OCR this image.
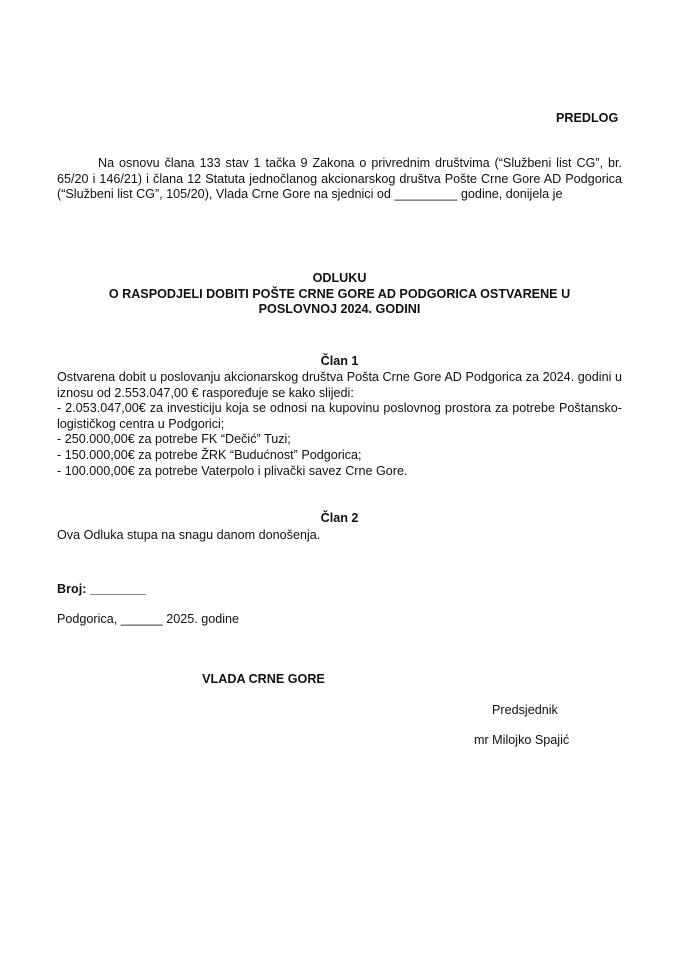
PREDLOG

Na osnovu člana 133 stav 1 tačka 9 Zakona o privrednim društvima (“Službeni list CG”, br. 65/20 i 146/21) i člana 12 Statuta jednočlanog akcionarskog društva Pošte Crne Gore AD Podgorica (“Službeni list CG”, 105/20), Vlada Crne Gore na sjednici od _________ godine, donijela je

ODLUKU
O RASPODJELI DOBITI POŠTE CRNE GORE AD PODGORICA OSTVARENE U
POSLOVNOJ 2024. GODINI
Član 1

Ostvarena dobit u poslovanju akcionarskog društva Pošta Crne Gore AD Podgorica za 2024. godini u iznosu od 2.553.047,00 € raspoređuje se kako slijedi:

- 2.053.047,00€ za investiciju koja se odnosi na kupovinu poslovnog prostora za potrebe Poštansko-logističkog centra u Podgorici;

- 250.000,00€ za potrebe FK “Dečić” Tuzi;

- 150.000,00€ za potrebe ŽRK “Budućnost” Podgorica;

- 100.000,00€ za potrebe Vaterpolo i plivački savez Crne Gore.

Član 2

Ova Odluka stupa na snagu danom donošenja.

Broj: ________
Podgorica, ______ 2025. godine
VLADA CRNE GORE
Predsjednik
mr Milojko Spajić
